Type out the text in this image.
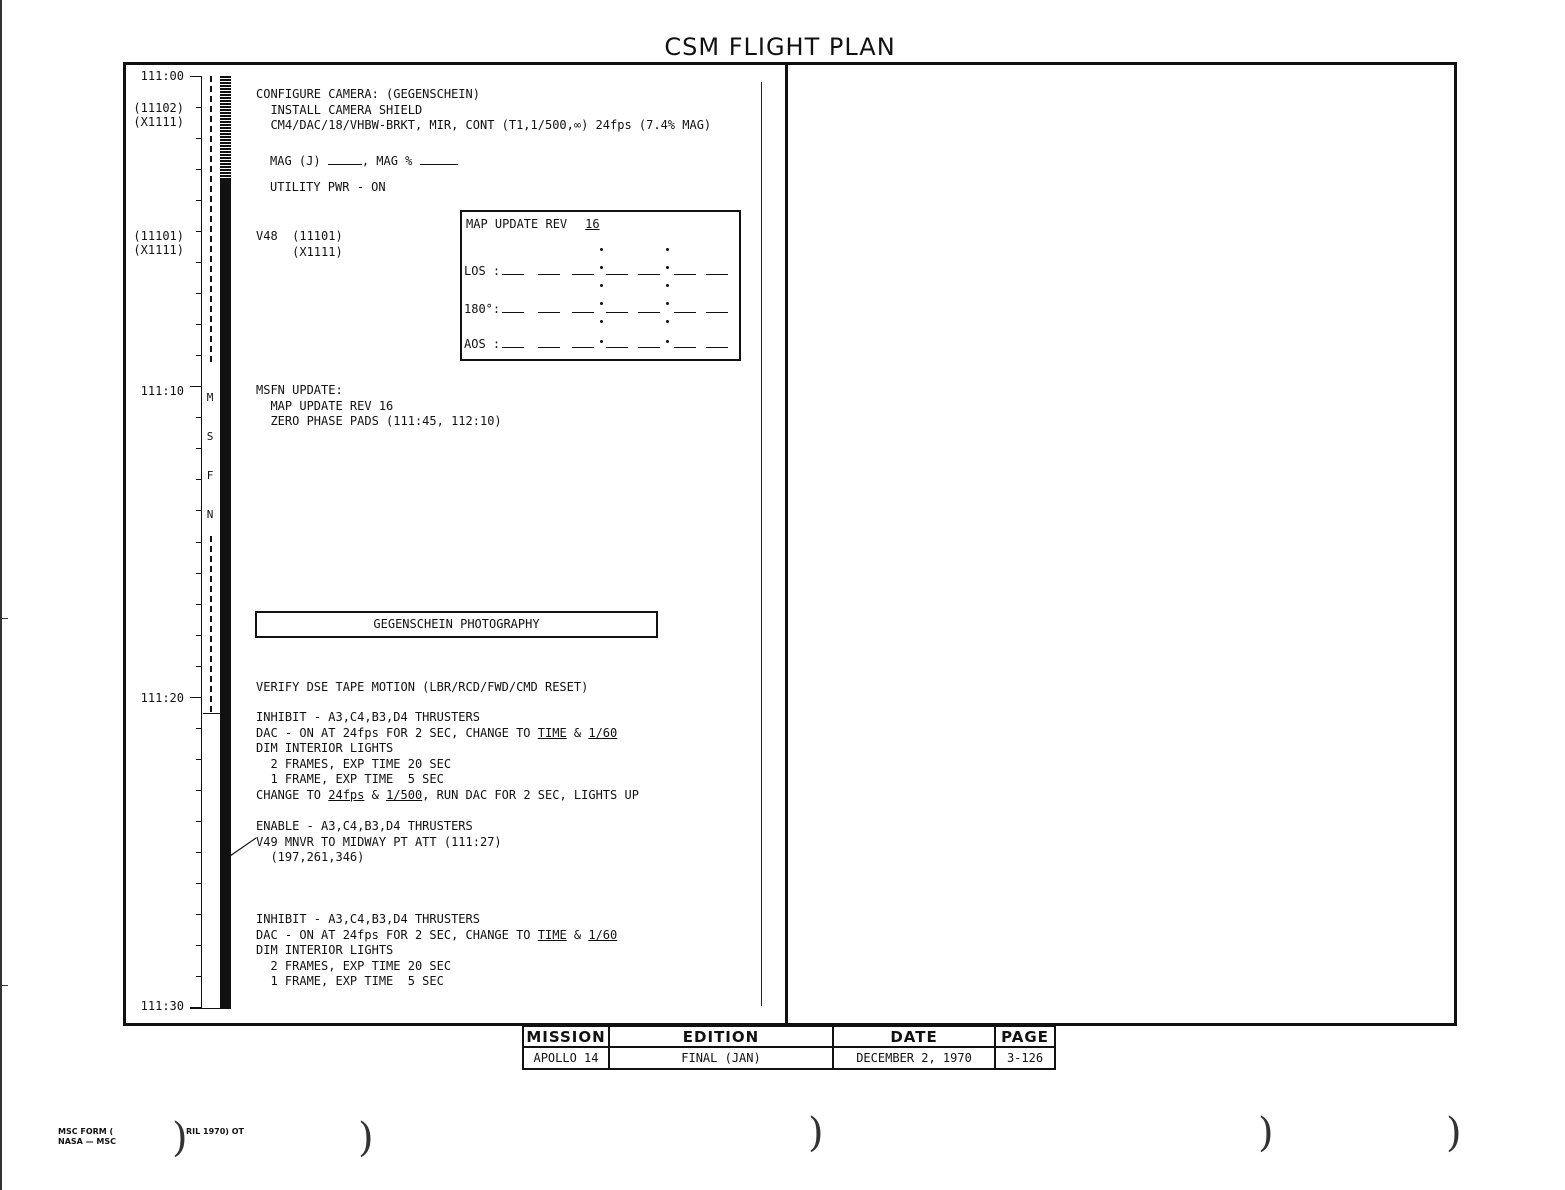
CSM FLIGHT PLAN
111:00
(11102)
(X1111)
(11101)
(X1111)
111:10
111:20
111:30

M

S

F

N

CONFIGURE CAMERA: (GEGENSCHEIN)
INSTALL CAMERA SHIELD
CM4/DAC/18/VHBW-BRKT, MIR, CONT (T1,1/500,∞) 24fps (7.4% MAG)
MAG (J)	, MAG %
UTILITY PWR - ON
V48  (11101)
(X1111)
MAP UPDATE REV 16
LOS :
180°:
AOS :
MSFN UPDATE:
MAP UPDATE REV 16
ZERO PHASE PADS (111:45, 112:10)
GEGENSCHEIN PHOTOGRAPHY
VERIFY DSE TAPE MOTION (LBR/RCD/FWD/CMD RESET)
INHIBIT - A3,C4,B3,D4 THRUSTERS
DAC - ON AT 24fps FOR 2 SEC, CHANGE TO TIME & 1/60
DIM INTERIOR LIGHTS
2 FRAMES, EXP TIME 20 SEC
1 FRAME, EXP TIME  5 SEC
CHANGE TO 24fps & 1/500, RUN DAC FOR 2 SEC, LIGHTS UP
ENABLE - A3,C4,B3,D4 THRUSTERS
V49 MNVR TO MIDWAY PT ATT (111:27)
(197,261,346)
INHIBIT - A3,C4,B3,D4 THRUSTERS
DAC - ON AT 24fps FOR 2 SEC, CHANGE TO TIME & 1/60
DIM INTERIOR LIGHTS
2 FRAMES, EXP TIME 20 SEC
1 FRAME, EXP TIME  5 SEC
MISSION	EDITION	DATE	PAGE
APOLLO 14	FINAL (JAN)	DECEMBER 2, 1970	3-126
MSC FORM (
NASA — MSC
RIL 1970) OT
)	)	)	)	)
